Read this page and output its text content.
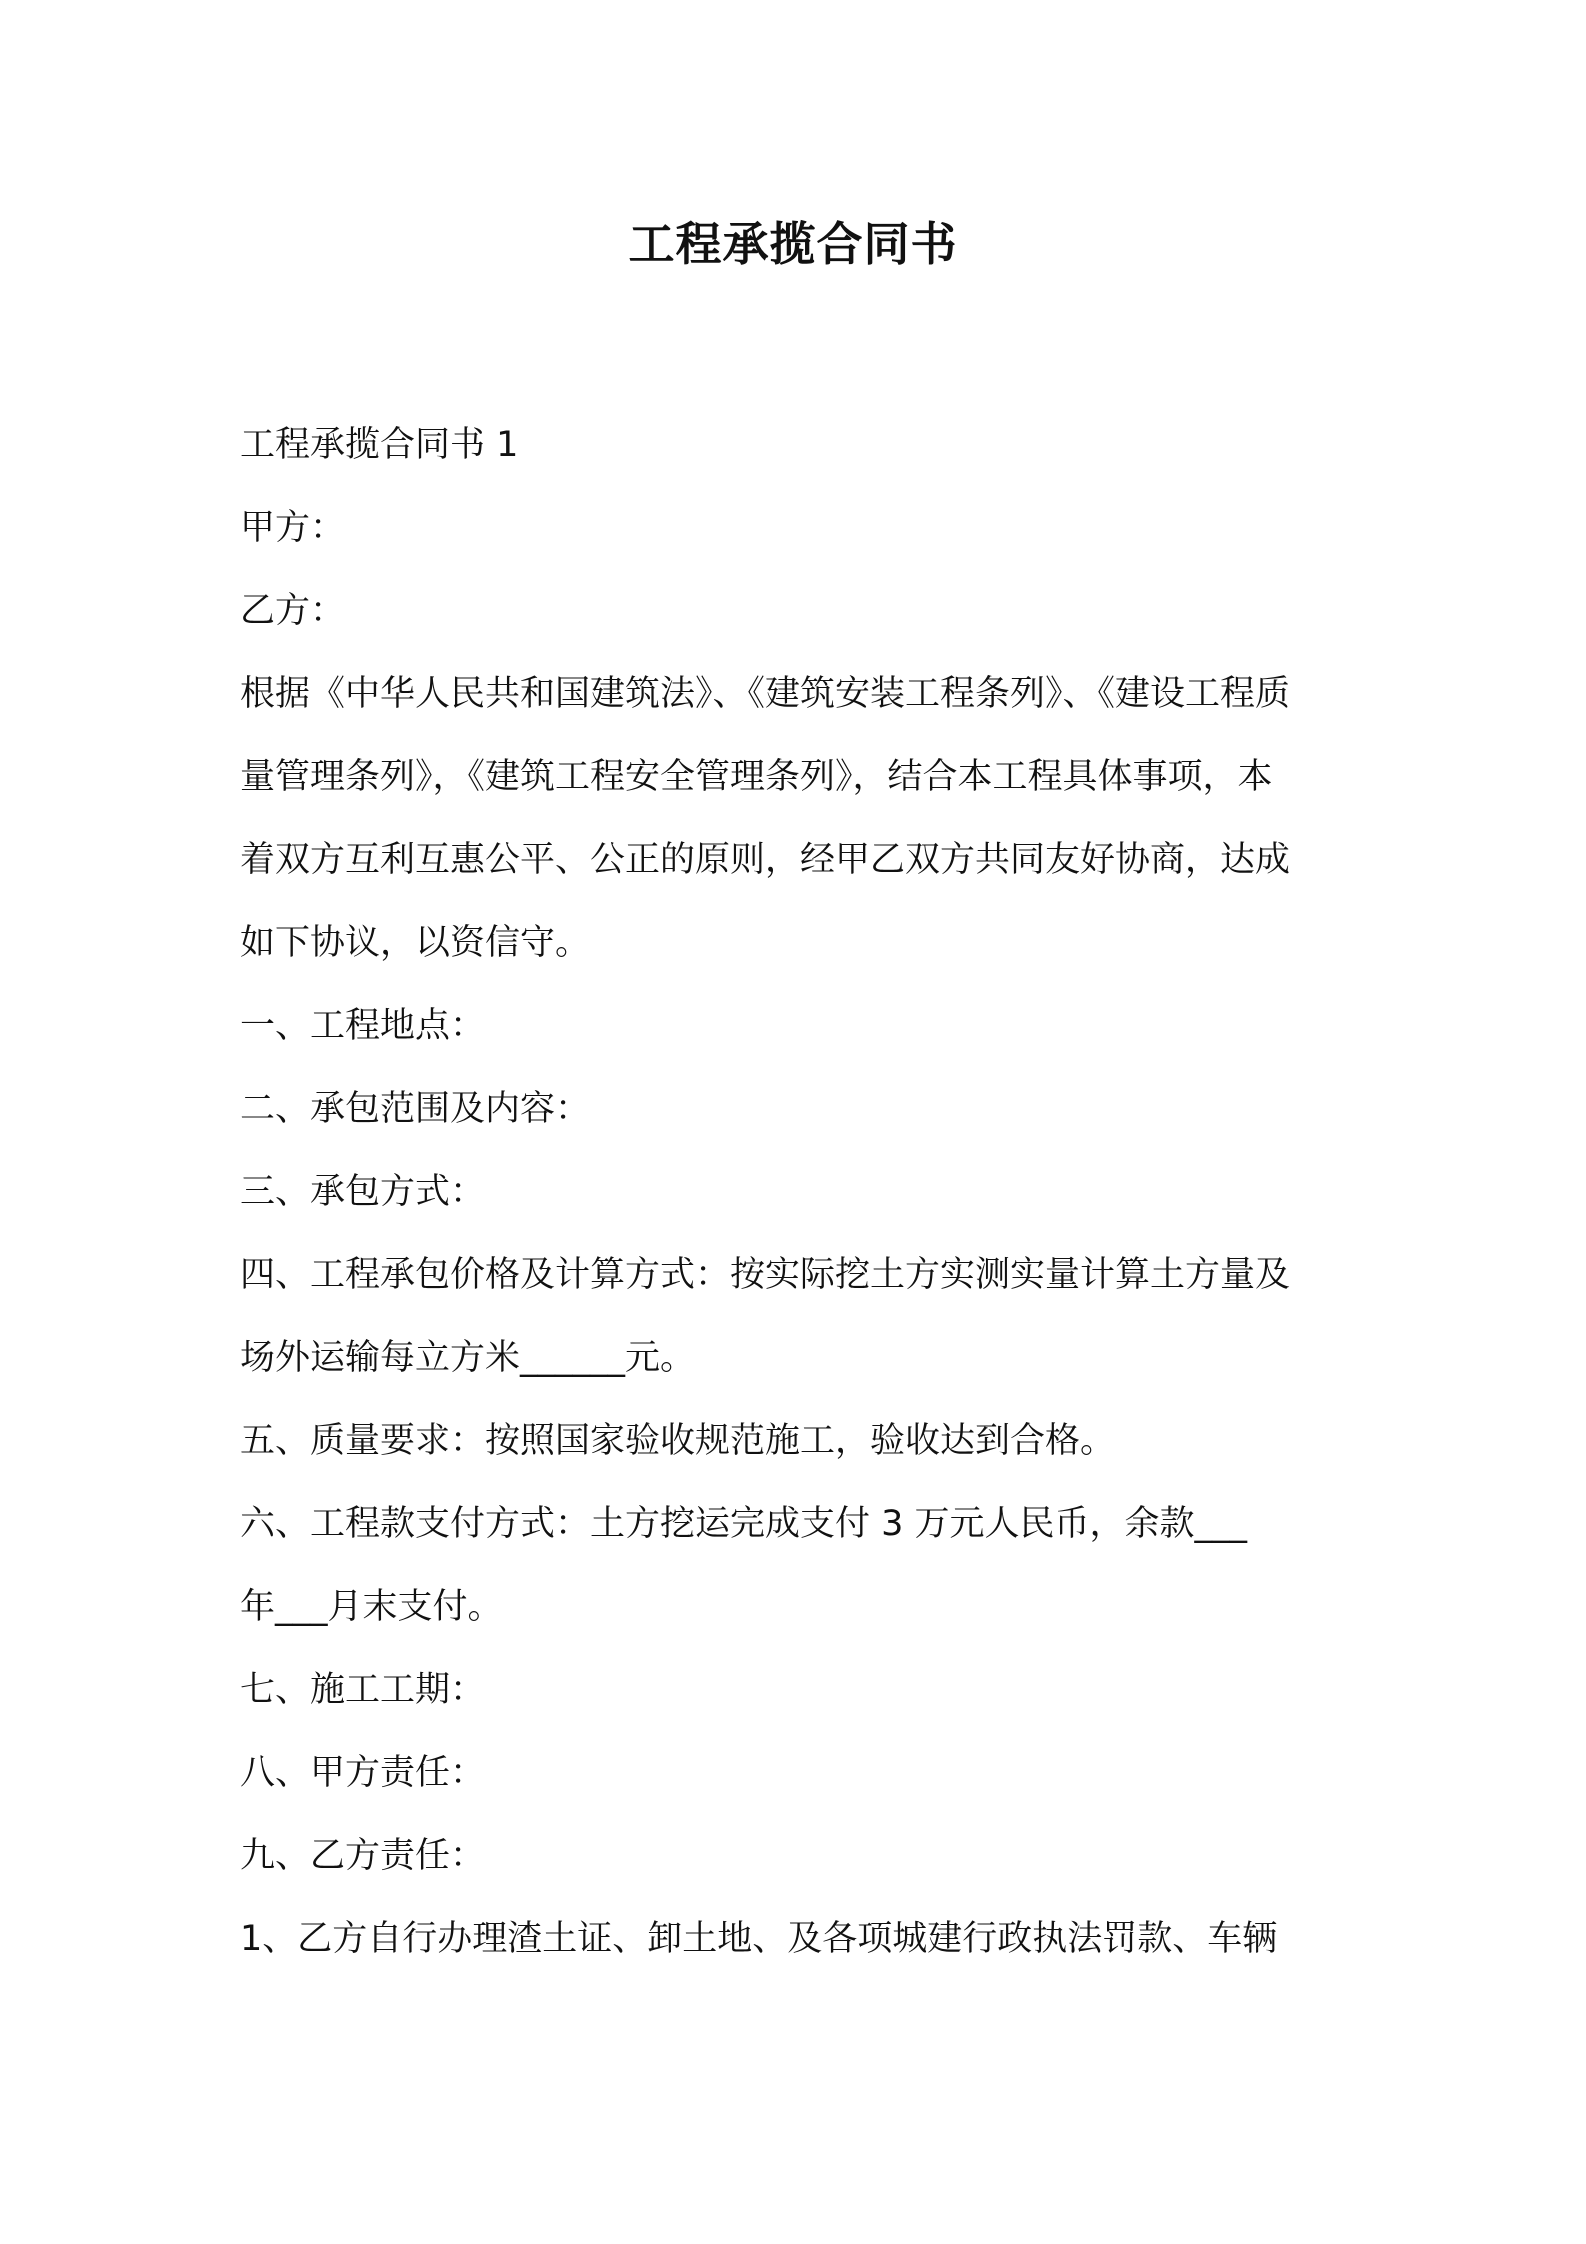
工程承揽合同书
工程承揽合同书 1
甲方：
乙方：
根据《中华人民共和国建筑法》、《建筑安装工程条列》、《建设工程质
量管理条列》，《建筑工程安全管理条列》，结合本工程具体事项，本
着双方互利互惠公平、公正的原则，经甲乙双方共同友好协商，达成
如下协议，以资信守。
一、工程地点：
二、承包范围及内容：
三、承包方式：
四、工程承包价格及计算方式：按实际挖土方实测实量计算土方量及
场外运输每立方米______元。
五、质量要求：按照国家验收规范施工，验收达到合格。
六、工程款支付方式：土方挖运完成支付 3 万元人民币，余款___
年___月末支付。
七、施工工期：
八、甲方责任：
九、乙方责任：
1、乙方自行办理渣土证、卸土地、及各项城建行政执法罚款、车辆
